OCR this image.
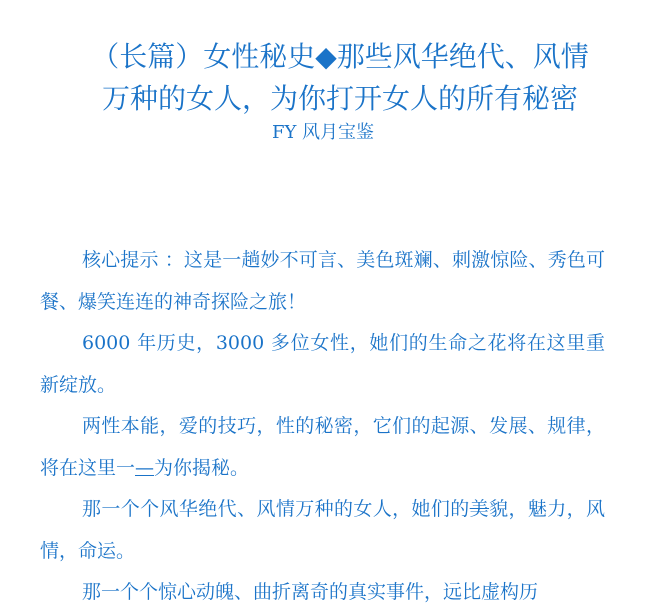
（长篇）女性秘史◆那些风华绝代、风情
万种的女人，为你打开女人的所有秘密

FY 风月宝鉴

核心提示 ：这是一趟妙不可言、美色斑斓、刺激惊险、秀色可餐、爆笑连连的神奇探险之旅！

6000 年历史，3000 多位女性，她们的生命之花将在这里重新绽放。

两性本能，爱的技巧，性的秘密，它们的起源、发展、规律，将在这里一—为你揭秘。

那一个个风华绝代、风情万种的女人，她们的美貌，魅力，风情，命运。

那一个个惊心动魄、曲折离奇的真实事件，远比虚构历
